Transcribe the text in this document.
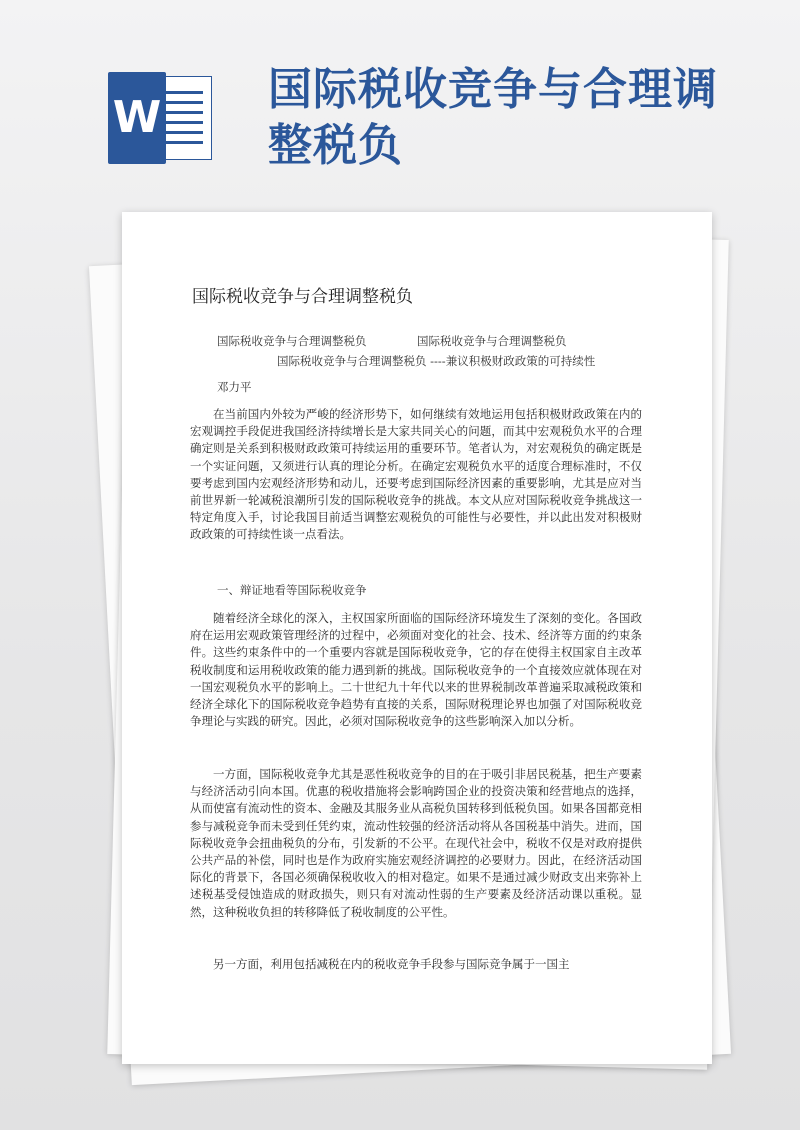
W
国际税收竞争与合理调整税负
国际税收竞争与合理调整税负
国际税收竞争与合理调整税负	国际税收竞争与合理调整税负
国际税收竞争与合理调整税负 ----兼议积极财政政策的可持续性
邓力平

在当前国内外较为严峻的经济形势下，如何继续有效地运用包括积极财政政策在内的宏观调控手段促进我国经济持续增长是大家共同关心的问题，而其中宏观税负水平的合理确定则是关系到积极财政政策可持续运用的重要环节。笔者认为，对宏观税负的确定既是一个实证问题，又须进行认真的理论分析。在确定宏观税负水平的适度合理标准时，不仅要考虑到国内宏观经济形势和动儿，还要考虑到国际经济因素的重要影响，尤其是应对当前世界新一轮减税浪潮所引发的国际税收竞争的挑战。本文从应对国际税收竞争挑战这一特定角度入手，讨论我国目前适当调整宏观税负的可能性与必要性，并以此出发对积极财政政策的可持续性谈一点看法。

一、辩证地看等国际税收竞争

随着经济全球化的深入，主权国家所面临的国际经济环境发生了深刻的变化。各国政府在运用宏观政策管理经济的过程中，必须面对变化的社会、技术、经济等方面的约束条件。这些约束条件中的一个重要内容就是国际税收竞争，它的存在使得主权国家自主改革税收制度和运用税收政策的能力遇到新的挑战。国际税收竞争的一个直接效应就体现在对一国宏观税负水平的影响上。二十世纪九十年代以来的世界税制改革普遍采取减税政策和经济全球化下的国际税收竞争趋势有直接的关系，国际财税理论界也加强了对国际税收竞争理论与实践的研究。因此，必须对国际税收竞争的这些影响深入加以分析。

一方面，国际税收竞争尤其是恶性税收竞争的目的在于吸引非居民税基，把生产要素与经济活动引向本国。优惠的税收措施将会影响跨国企业的投资决策和经营地点的选择，从而使富有流动性的资本、金融及其服务业从高税负国转移到低税负国。如果各国都竞相参与减税竞争而未受到任凭约束，流动性较强的经济活动将从各国税基中消失。进而，国际税收竞争会扭曲税负的分布，引发新的不公平。在现代社会中，税收不仅是对政府提供公共产品的补偿，同时也是作为政府实施宏观经济调控的必要财力。因此，在经济活动国际化的背景下，各国必须确保税收收入的相对稳定。如果不是通过减少财政支出来弥补上述税基受侵蚀造成的财政损失，则只有对流动性弱的生产要素及经济活动课以重税。显然，这种税收负担的转移降低了税收制度的公平性。

另一方面，利用包括减税在内的税收竞争手段参与国际竞争属于一国主
